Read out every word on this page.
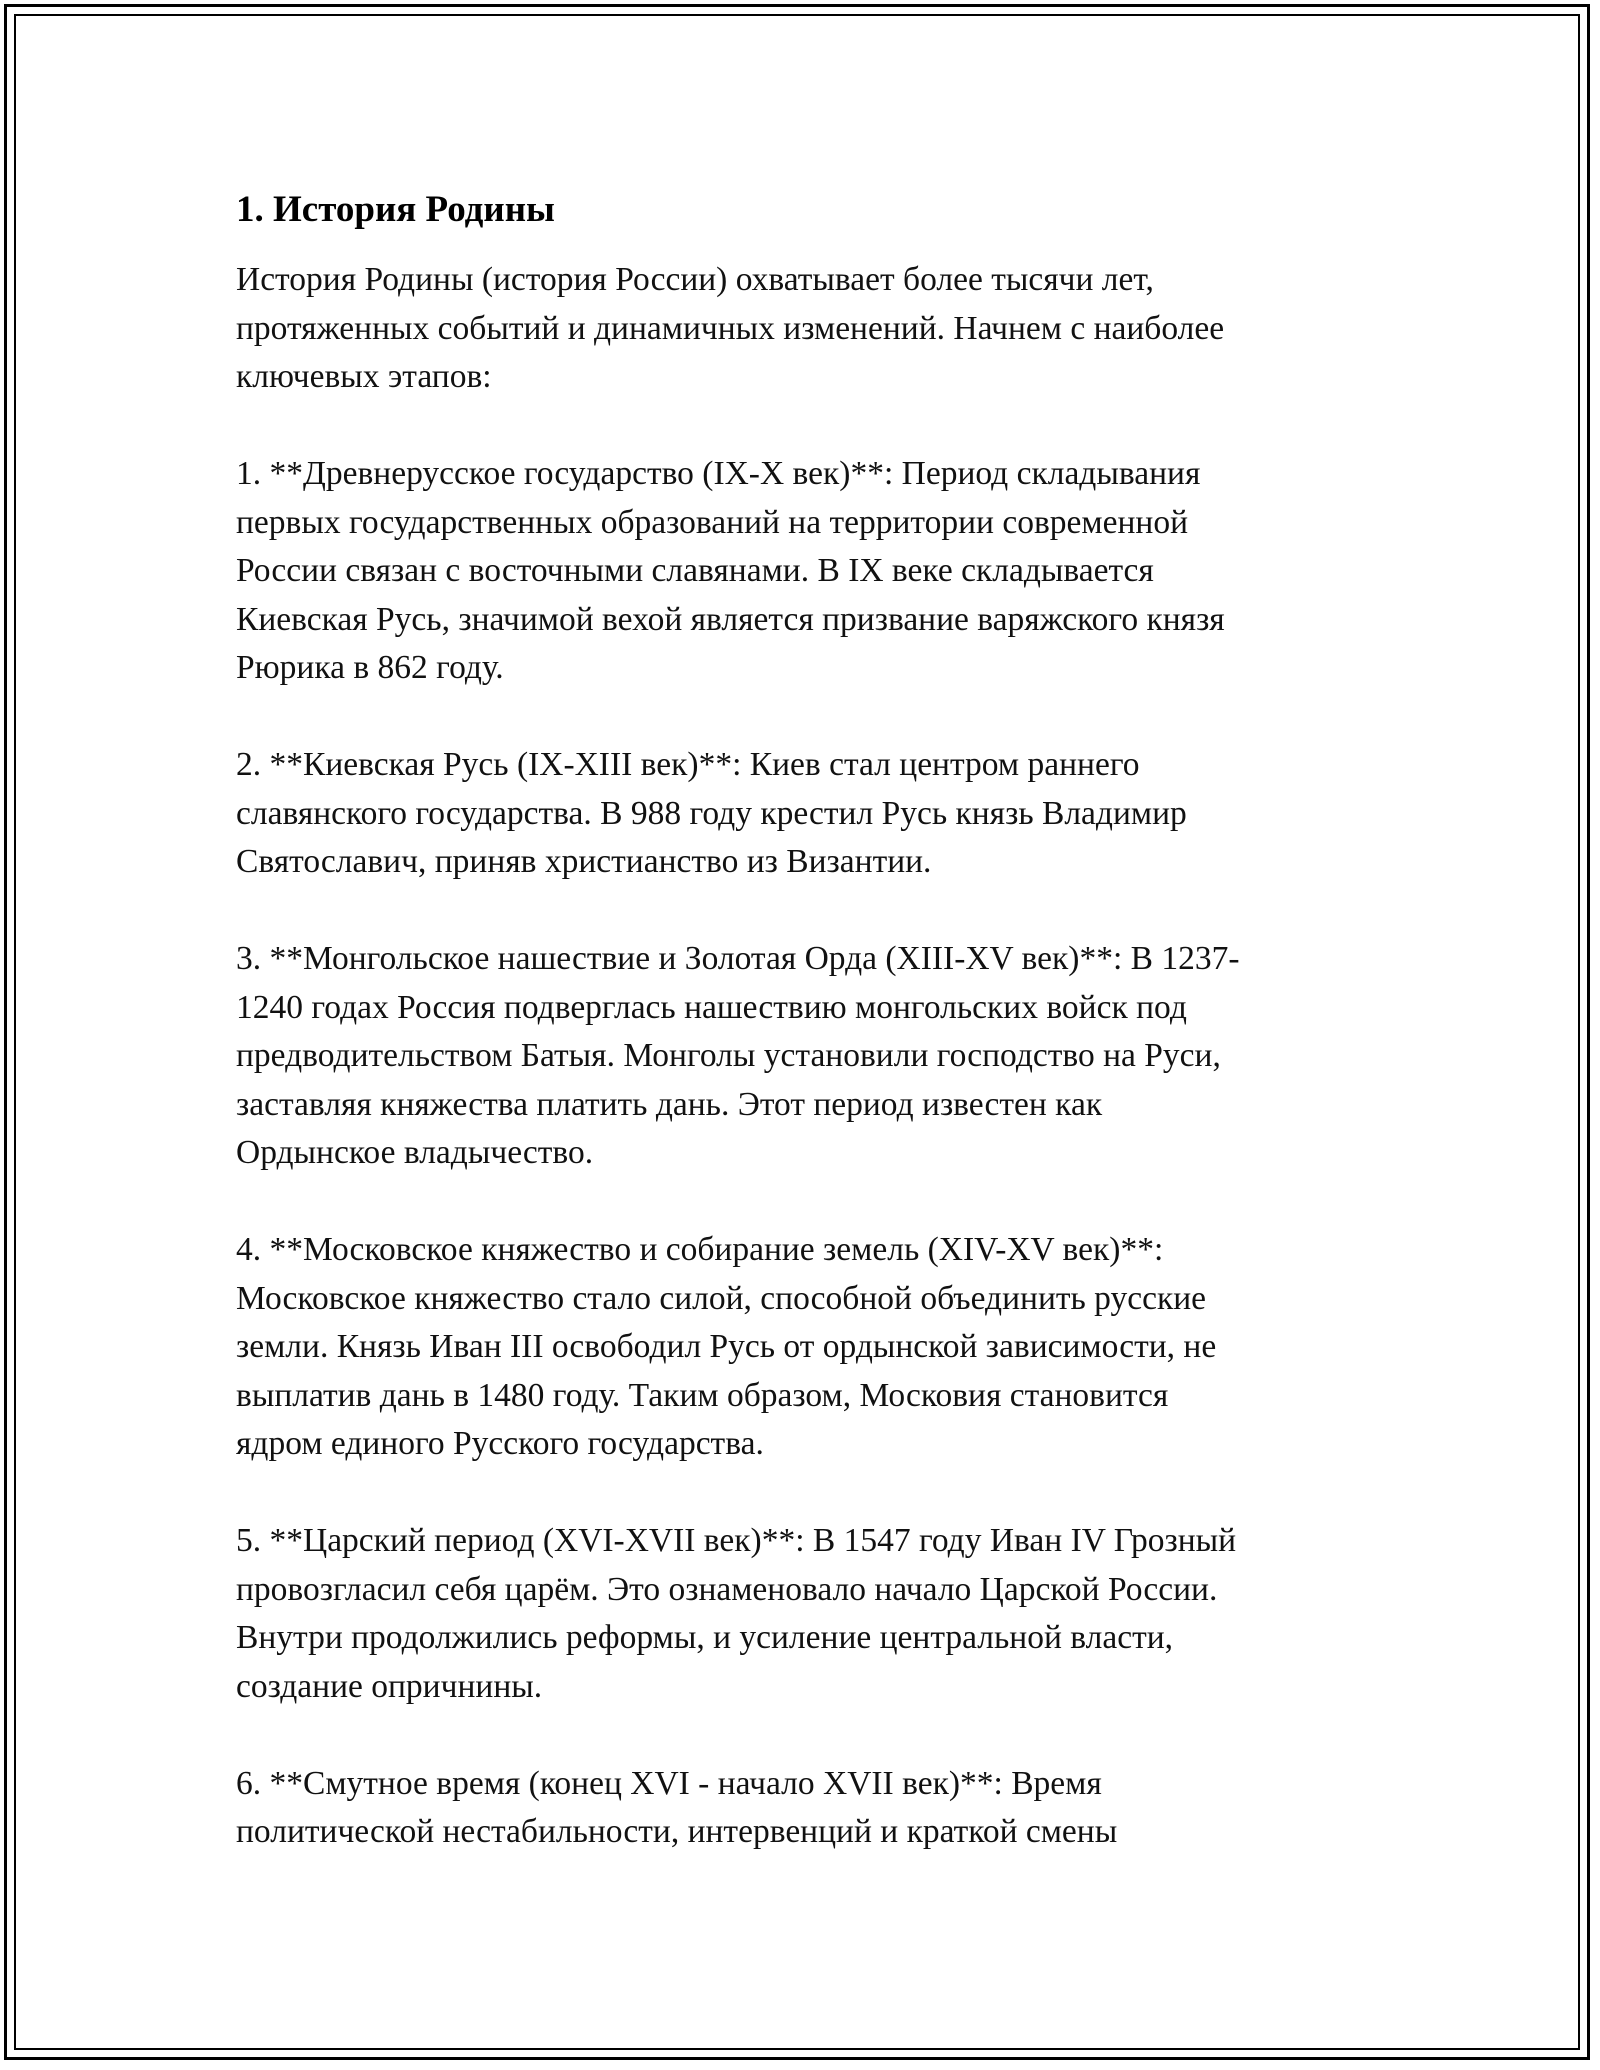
1. История Родины

История Родины (история России) охватывает более тысячи лет,
протяженных событий и динамичных изменений. Начнем с наиболее
ключевых этапов:

1. **Древнерусское государство (IX-X век)**: Период складывания
первых государственных образований на территории современной
России связан с восточными славянами. В IX веке складывается
Киевская Русь, значимой вехой является призвание варяжского князя
Рюрика в 862 году.

2. **Киевская Русь (IX-XIII век)**: Киев стал центром раннего
славянского государства. В 988 году крестил Русь князь Владимир
Святославич, приняв христианство из Византии.

3. **Монгольское нашествие и Золотая Орда (XIII-XV век)**: В 1237-
1240 годах Россия подверглась нашествию монгольских войск под
предводительством Батыя. Монголы установили господство на Руси,
заставляя княжества платить дань. Этот период известен как
Ордынское владычество.

4. **Московское княжество и собирание земель (XIV-XV век)**:
Московское княжество стало силой, способной объединить русские
земли. Князь Иван III освободил Русь от ордынской зависимости, не
выплатив дань в 1480 году. Таким образом, Московия становится
ядром единого Русского государства.

5. **Царский период (XVI-XVII век)**: В 1547 году Иван IV Грозный
провозгласил себя царём. Это ознаменовало начало Царской России.
Внутри продолжились реформы, и усиление центральной власти,
создание опричнины.

6. **Смутное время (конец XVI - начало XVII век)**: Время
политической нестабильности, интервенций и краткой смены
